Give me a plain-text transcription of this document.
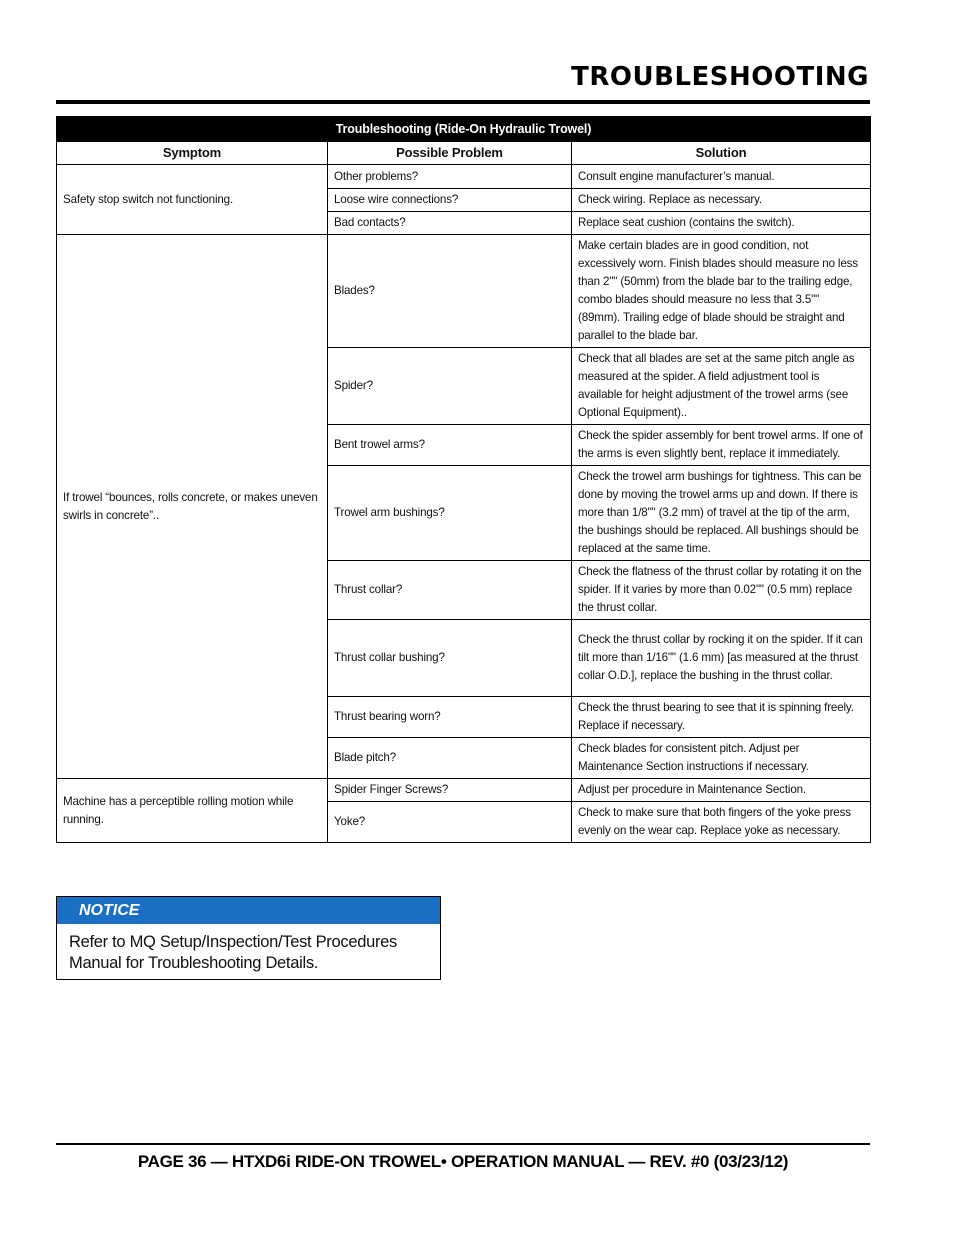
TROUBLESHOOTING
Troubleshooting (Ride-On Hydraulic Trowel)		
Symptom	Possible Problem	Solution
Safety stop switch not functioning.	Other problems?	Consult engine manufacturer’s manual.
	Loose wire connections?	Check wiring. Replace as necessary.
	Bad contacts?	Replace seat cushion (contains the switch).
If trowel “bounces, rolls concrete, or makes uneven swirls in concrete”..	Blades?	Make certain blades are in good condition, not excessively worn. Finish blades should measure no less than 2"" (50mm) from the blade bar to the trailing edge, combo blades should measure no less that 3.5"" (89mm). Trailing edge of blade should be straight and parallel to the blade bar.
	Spider?	Check that all blades are set at the same pitch angle as measured at the spider. A field adjustment tool is available for height adjustment of the trowel arms (see Optional Equipment)..
	Bent trowel arms?	Check the spider assembly for bent trowel arms. If one of the arms is even slightly bent, replace it immediately.
	Trowel arm bushings?	Check the trowel arm bushings for tightness. This can be done by moving the trowel arms up and down. If there is more than 1/8"" (3.2 mm) of travel at the tip of the arm, the bushings should be replaced. All bushings should be replaced at the same time.
	Thrust collar?	Check the flatness of the thrust collar by rotating it on the spider. If it varies by more than 0.02"" (0.5 mm) replace the thrust collar.
	Thrust collar bushing?	Check the thrust collar by rocking it on the spider. If it can tilt more than 1/16"" (1.6 mm) [as measured at the thrust collar O.D.], replace the bushing in the thrust collar.
	Thrust bearing worn?	Check the thrust bearing to see that it is spinning freely. Replace if necessary.
	Blade pitch?	Check blades for consistent pitch. Adjust per Maintenance Section instructions if necessary.
Machine has a perceptible rolling motion while running.	Spider Finger Screws?	Adjust per procedure in Maintenance Section.
	Yoke?	Check to make sure that both fingers of the yoke press evenly on the wear cap. Replace yoke as necessary.
NOTICE
Refer to MQ Setup/Inspection/Test Procedures Manual for Troubleshooting Details.
PAGE 36 — HTXD6i RIDE-ON TROWEL• OPERATION MANUAL — REV. #0 (03/23/12)
